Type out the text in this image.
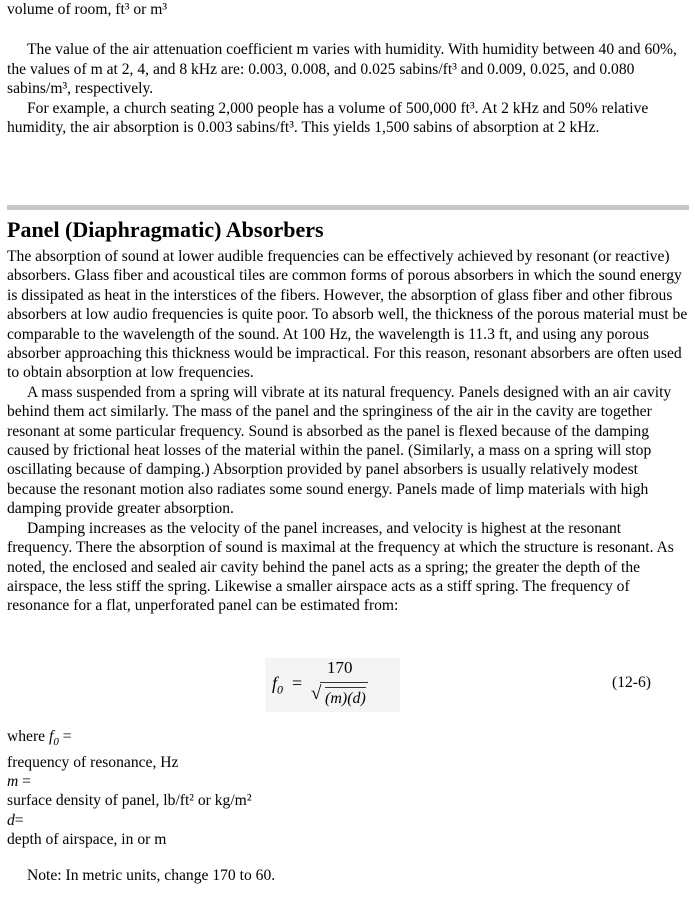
volume of room, ft³ or m³

The value of the air attenuation coefficient m varies with humidity. With humidity between 40 and 60%, the values of m at 2, 4, and 8 kHz are: 0.003, 0.008, and 0.025 sabins/ft³ and 0.009, 0.025, and 0.080 sabins/m³, respectively.

For example, a church seating 2,000 people has a volume of 500,000 ft³. At 2 kHz and 50% relative humidity, the air absorption is 0.003 sabins/ft³. This yields 1,500 sabins of absorption at 2 kHz.

Panel (Diaphragmatic) Absorbers

The absorption of sound at lower audible frequencies can be effectively achieved by resonant (or reactive) absorbers. Glass fiber and acoustical tiles are common forms of porous absorbers in which the sound energy is dissipated as heat in the interstices of the fibers. However, the absorption of glass fiber and other fibrous absorbers at low audio frequencies is quite poor. To absorb well, the thickness of the porous material must be comparable to the wavelength of the sound. At 100 Hz, the wavelength is 11.3 ft, and using any porous absorber approaching this thickness would be impractical. For this reason, resonant absorbers are often used to obtain absorption at low frequencies.

A mass suspended from a spring will vibrate at its natural frequency. Panels designed with an air cavity behind them act similarly. The mass of the panel and the springiness of the air in the cavity are together resonant at some particular frequency. Sound is absorbed as the panel is flexed because of the damping caused by frictional heat losses of the material within the panel. (Similarly, a mass on a spring will stop oscillating because of damping.) Absorption provided by panel absorbers is usually relatively modest because the resonant motion also radiates some sound energy. Panels made of limp materials with high damping provide greater absorption.

Damping increases as the velocity of the panel increases, and velocity is highest at the resonant frequency. There the absorption of sound is maximal at the frequency at which the structure is resonant. As noted, the enclosed and sealed air cavity behind the panel acts as a spring; the greater the depth of the airspace, the less stiff the spring. Likewise a smaller airspace acts as a stiff spring. The frequency of resonance for a flat, unperforated panel can be estimated from:

$f_0$ =
170
√ (m)(d)
(12-6)

where $f_0$ =

frequency of resonance, Hz

m =

surface density of panel, lb/ft² or kg/m²

d=

depth of airspace, in or m

Note: In metric units, change 170 to 60.
